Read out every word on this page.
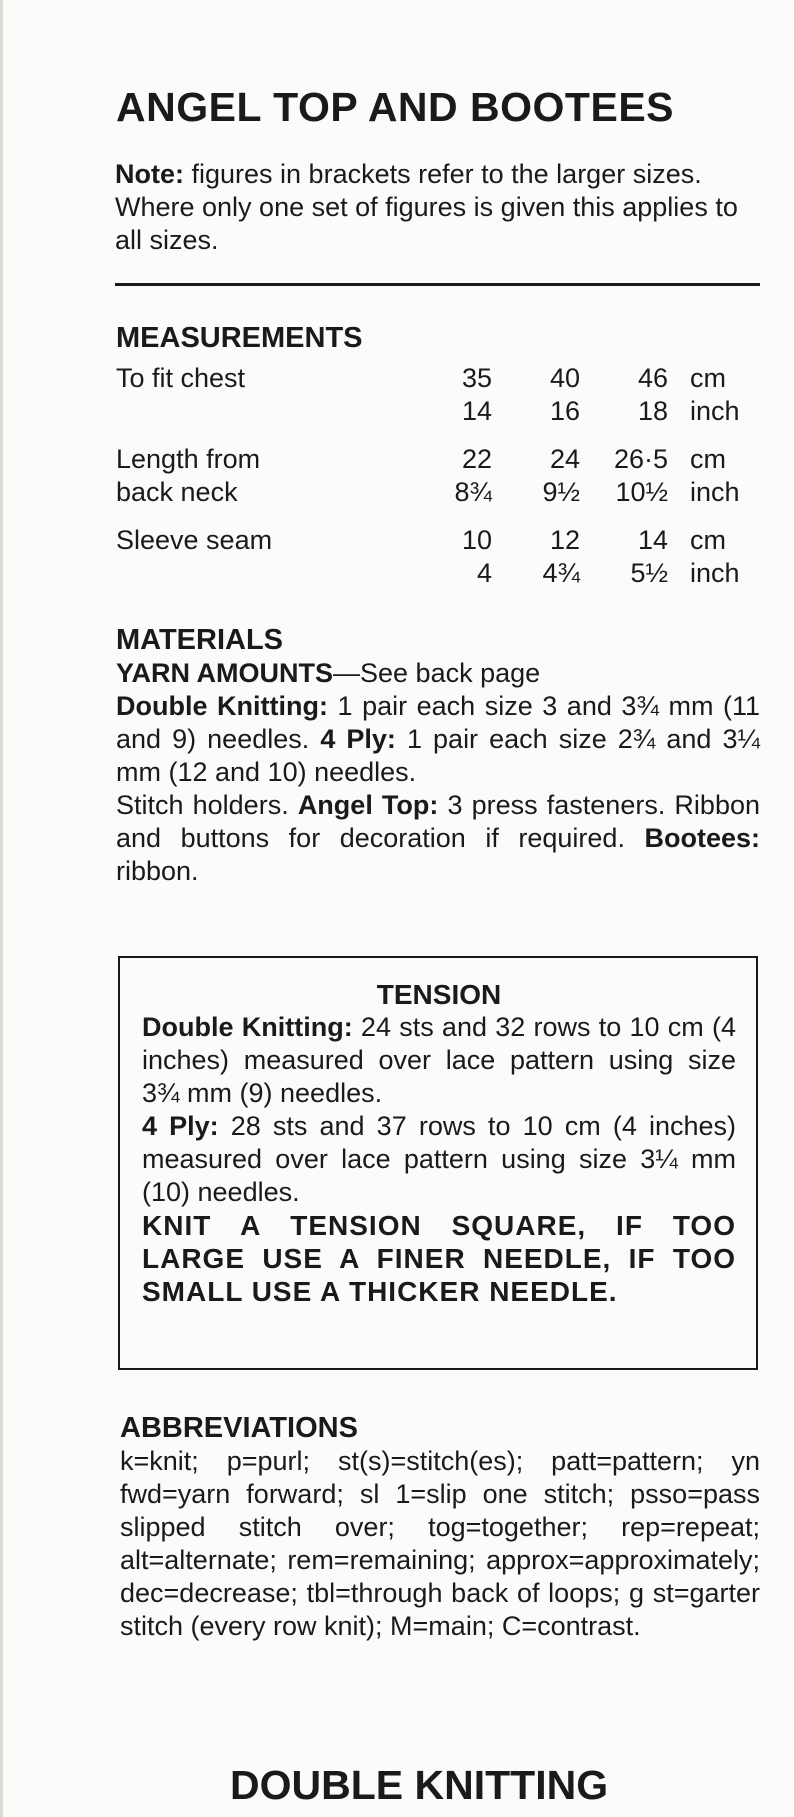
ANGEL TOP AND BOOTEES

Note: figures in brackets refer to the larger sizes. Where only one set of figures is given this applies to all sizes.

MEASUREMENTS
To fit chest	35	40	46 cm
14	16	18 inch
Length from	22	24	26·5 cm
back neck	8¾	9½	10½ inch
Sleeve seam	10	12	14 cm
4	4¾	5½ inch
MATERIALS

YARN AMOUNTS—See back page

Double Knitting: 1 pair each size 3 and 3¾ mm (11 and 9) needles. 4 Ply: 1 pair each size 2¾ and 3¼ mm (12 and 10) needles.

Stitch holders. Angel Top: 3 press fasteners. Ribbon and buttons for decoration if required. Bootees: ribbon.

TENSION

Double Knitting: 24 sts and 32 rows to 10 cm (4 inches) measured over lace pattern using size 3¾ mm (9) needles.

4 Ply: 28 sts and 37 rows to 10 cm (4 inches) measured over lace pattern using size 3¼ mm (10) needles.

KNIT A TENSION SQUARE, IF TOO LARGE USE A FINER NEEDLE, IF TOO SMALL USE A THICKER NEEDLE.

ABBREVIATIONS

k=knit; p=purl; st(s)=stitch(es); patt=pattern; yn fwd=yarn forward; sl 1=slip one stitch; psso=pass slipped stitch over; tog=together; rep=repeat; alt=alternate; rem=remaining; approx=approximately; dec=decrease; tbl=through back of loops; g st=garter stitch (every row knit); M=main; C=contrast.

DOUBLE KNITTING
